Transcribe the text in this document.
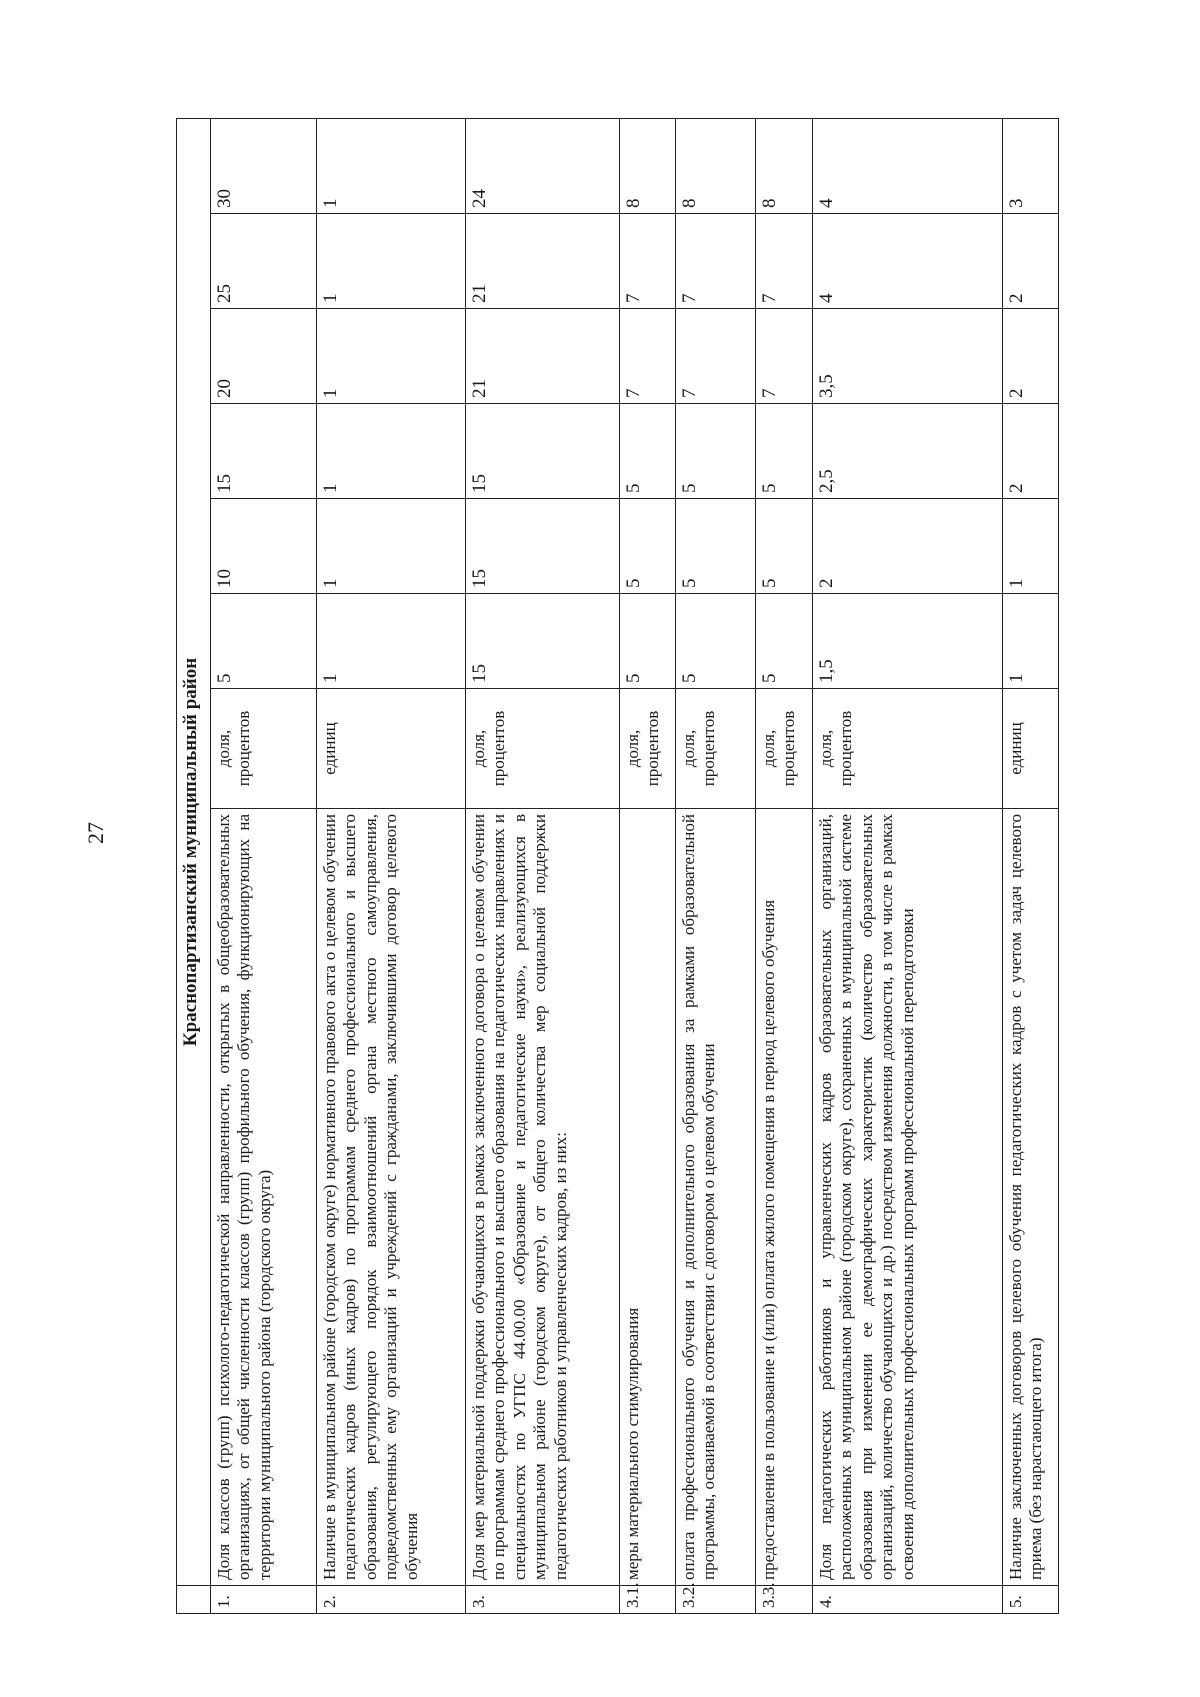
27
		Краснопартизанский муниципальный район							
1.	Доля классов (групп) психолого-педагогической направленности, открытых в общеобразовательных организациях, от общей численности классов (групп) профильного обучения, функционирующих на территории муниципального района (городского округа)	доля, процентов	5	10	15	20	25	30
2.	Наличие в муниципальном районе (городском округе) нормативного правового акта о целевом обучении педагогических кадров (иных кадров) по программам среднего профессионального и высшего образования, регулирующего порядок взаимоотношений органа местного самоуправления, подведомственных ему организаций и учреждений с гражданами, заключившими договор целевого обучения	единиц	1	1	1	1	1	1
3.	Доля мер материальной поддержки обучающихся в рамках заключенного договора о целевом обучении по программам среднего профессионального и высшего образования на педагогических направлениях и специальностях по УГПС 44.00.00 «Образование и педагогические науки», реализующихся в муниципальном районе (городском округе), от общего количества мер социальной поддержки педагогических работников и управленческих кадров, из них:	доля, процентов	15	15	15	21	21	24
3.1.	меры материального стимулирования	доля, процентов	5	5	5	7	7	8
3.2.	оплата профессионального обучения и дополнительного образования за рамками образовательной программы, осваиваемой в соответствии с договором о целевом обучении	доля, процентов	5	5	5	7	7	8
3.3.	предоставление в пользование и (или) оплата жилого помещения в период целевого обучения	доля, процентов	5	5	5	7	7	8
4.	Доля педагогических работников и управленческих кадров образовательных организаций, расположенных в муниципальном районе (городском округе), сохраненных в муниципальной системе образования при изменении ее демографических характеристик (количество образовательных организаций, количество обучающихся и др.) посредством изменения должности, в том числе в рамках освоения дополнительных профессиональных программ профессиональной переподготовки	доля, процентов	1,5	2	2,5	3,5	4	4
5.	Наличие заключенных договоров целевого обучения педагогических кадров с учетом задач целевого приема (без нарастающего итога)	единиц	1	1	2	2	2	3
